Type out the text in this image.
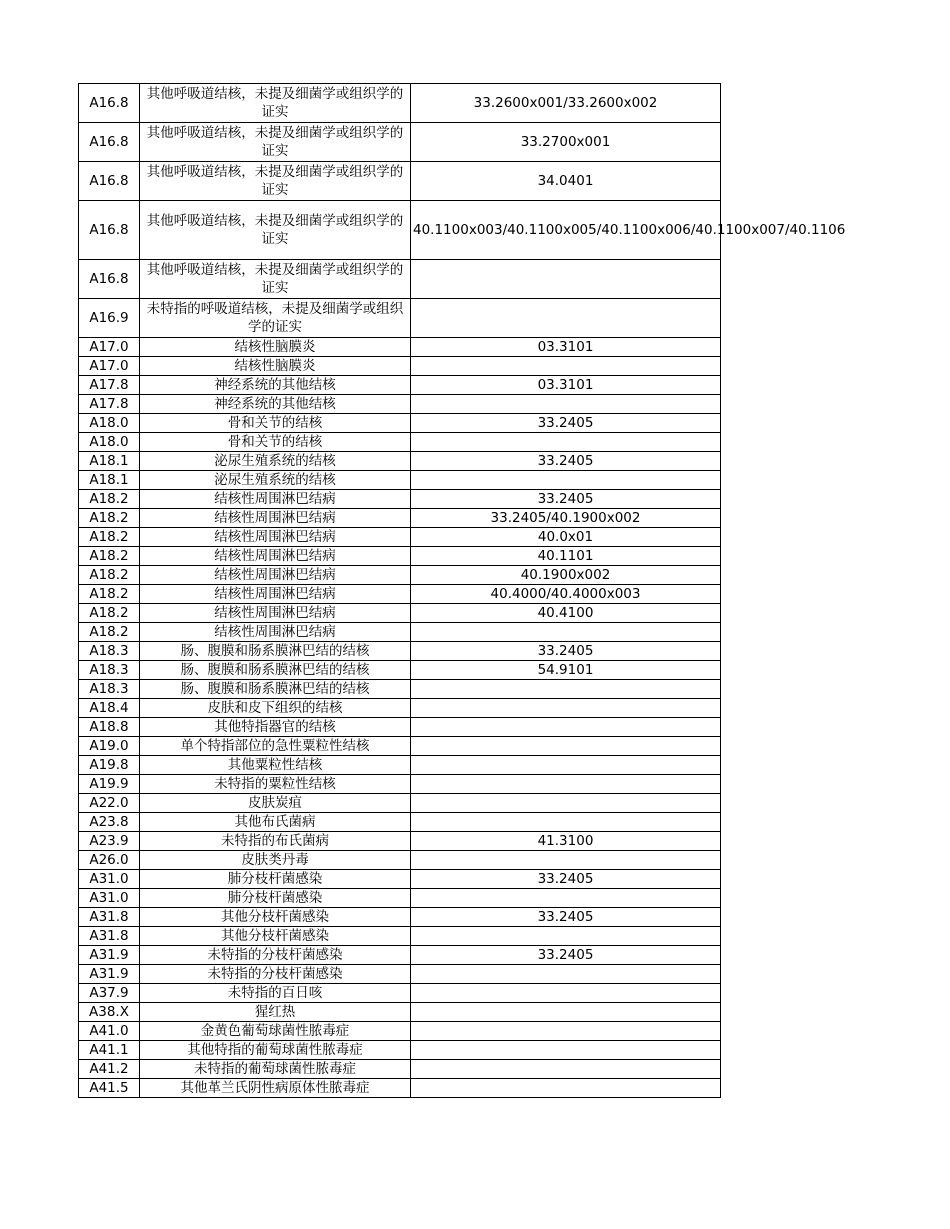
A16.8	其他呼吸道结核，未提及细菌学或组织学的证实	33.2600x001/33.2600x002
A16.8	其他呼吸道结核，未提及细菌学或组织学的证实	33.2700x001
A16.8	其他呼吸道结核，未提及细菌学或组织学的证实	34.0401
A16.8	其他呼吸道结核，未提及细菌学或组织学的证实	40.1100x003/40.1100x005/40.1100x006/40.1100x007/40.1106
A16.8	其他呼吸道结核，未提及细菌学或组织学的证实	
A16.9	未特指的呼吸道结核，未提及细菌学或组织学的证实	
A17.0	结核性脑膜炎	03.3101
A17.0	结核性脑膜炎	
A17.8	神经系统的其他结核	03.3101
A17.8	神经系统的其他结核	
A18.0	骨和关节的结核	33.2405
A18.0	骨和关节的结核	
A18.1	泌尿生殖系统的结核	33.2405
A18.1	泌尿生殖系统的结核	
A18.2	结核性周围淋巴结病	33.2405
A18.2	结核性周围淋巴结病	33.2405/40.1900x002
A18.2	结核性周围淋巴结病	40.0x01
A18.2	结核性周围淋巴结病	40.1101
A18.2	结核性周围淋巴结病	40.1900x002
A18.2	结核性周围淋巴结病	40.4000/40.4000x003
A18.2	结核性周围淋巴结病	40.4100
A18.2	结核性周围淋巴结病	
A18.3	肠、腹膜和肠系膜淋巴结的结核	33.2405
A18.3	肠、腹膜和肠系膜淋巴结的结核	54.9101
A18.3	肠、腹膜和肠系膜淋巴结的结核	
A18.4	皮肤和皮下组织的结核	
A18.8	其他特指器官的结核	
A19.0	单个特指部位的急性粟粒性结核	
A19.8	其他粟粒性结核	
A19.9	未特指的粟粒性结核	
A22.0	皮肤炭疽	
A23.8	其他布氏菌病	
A23.9	未特指的布氏菌病	41.3100
A26.0	皮肤类丹毒	
A31.0	肺分枝杆菌感染	33.2405
A31.0	肺分枝杆菌感染	
A31.8	其他分枝杆菌感染	33.2405
A31.8	其他分枝杆菌感染	
A31.9	未特指的分枝杆菌感染	33.2405
A31.9	未特指的分枝杆菌感染	
A37.9	未特指的百日咳	
A38.X	猩红热	
A41.0	金黄色葡萄球菌性脓毒症	
A41.1	其他特指的葡萄球菌性脓毒症	
A41.2	未特指的葡萄球菌性脓毒症	
A41.5	其他革兰氏阴性病原体性脓毒症	
